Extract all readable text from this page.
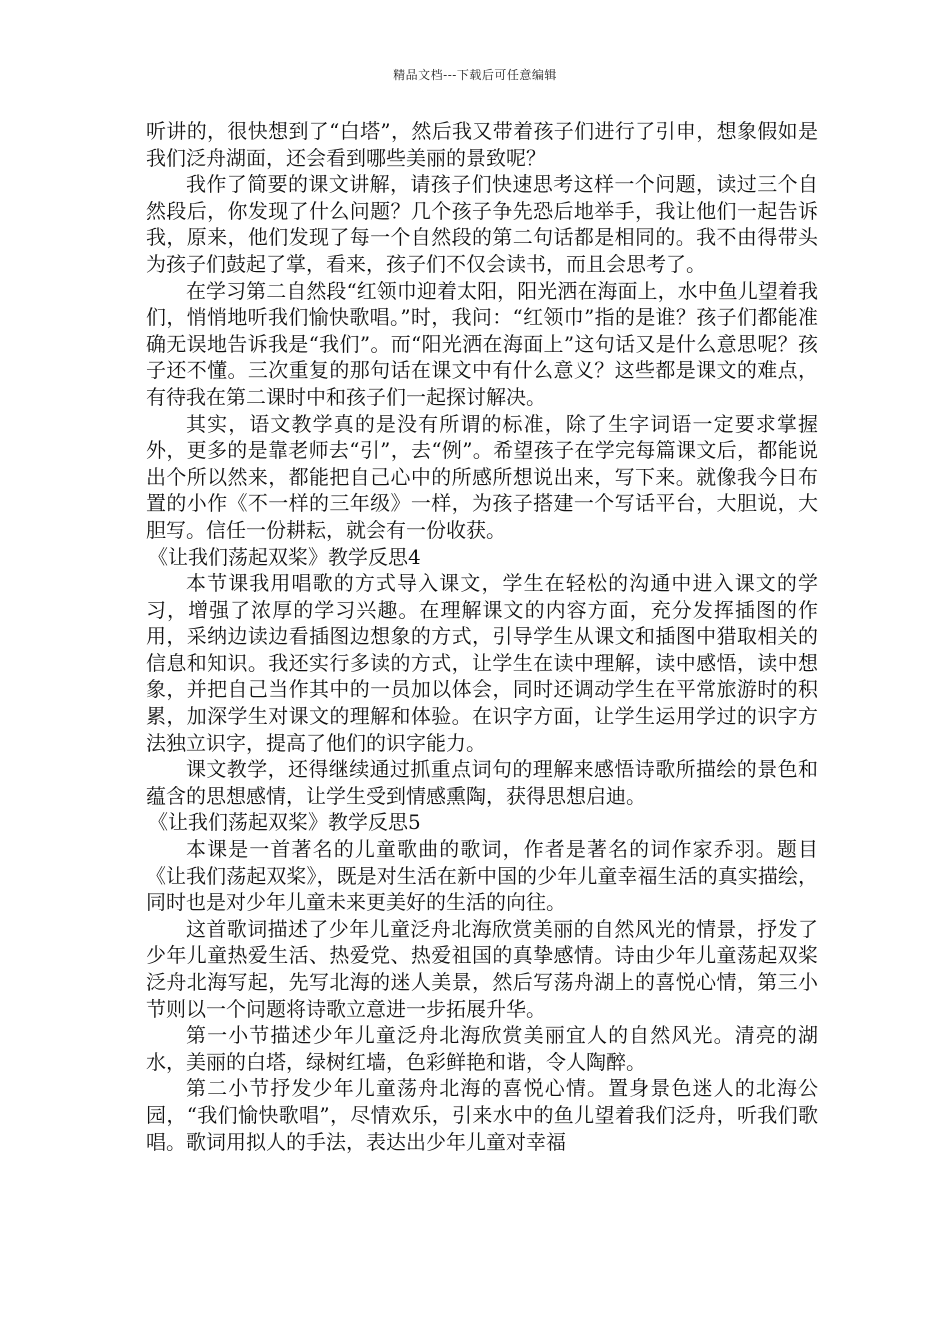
精品文档---下载后可任意编辑

听讲的，很快想到了“白塔”，然后我又带着孩子们进行了引申，想象假如是我们泛舟湖面，还会看到哪些美丽的景致呢？

我作了简要的课文讲解，请孩子们快速思考这样一个问题，读过三个自然段后，你发现了什么问题？几个孩子争先恐后地举手，我让他们一起告诉我，原来，他们发现了每一个自然段的第二句话都是相同的。我不由得带头为孩子们鼓起了掌，看来，孩子们不仅会读书，而且会思考了。

在学习第二自然段“红领巾迎着太阳，阳光洒在海面上，水中鱼儿望着我们，悄悄地听我们愉快歌唱。”时，我问：“红领巾”指的是谁？孩子们都能准确无误地告诉我是“我们”。而“阳光洒在海面上”这句话又是什么意思呢？孩子还不懂。三次重复的那句话在课文中有什么意义？这些都是课文的难点，有待我在第二课时中和孩子们一起探讨解决。

其实，语文教学真的是没有所谓的标准，除了生字词语一定要求掌握外，更多的是靠老师去“引”，去“例”。希望孩子在学完每篇课文后，都能说出个所以然来，都能把自己心中的所感所想说出来，写下来。就像我今日布置的小作《不一样的三年级》一样，为孩子搭建一个写话平台，大胆说，大胆写。信任一份耕耘，就会有一份收获。

《让我们荡起双桨》教学反思4

本节课我用唱歌的方式导入课文，学生在轻松的沟通中进入课文的学习，增强了浓厚的学习兴趣。在理解课文的内容方面，充分发挥插图的作用，采纳边读边看插图边想象的方式，引导学生从课文和插图中猎取相关的信息和知识。我还实行多读的方式，让学生在读中理解，读中感悟，读中想象，并把自己当作其中的一员加以体会，同时还调动学生在平常旅游时的积累，加深学生对课文的理解和体验。在识字方面，让学生运用学过的识字方法独立识字，提高了他们的识字能力。

课文教学，还得继续通过抓重点词句的理解来感悟诗歌所描绘的景色和蕴含的思想感情，让学生受到情感熏陶，获得思想启迪。

《让我们荡起双桨》教学反思5

本课是一首著名的儿童歌曲的歌词，作者是著名的词作家乔羽。题目《让我们荡起双桨》，既是对生活在新中国的少年儿童幸福生活的真实描绘，同时也是对少年儿童未来更美好的生活的向往。

这首歌词描述了少年儿童泛舟北海欣赏美丽的自然风光的情景，抒发了少年儿童热爱生活、热爱党、热爱祖国的真挚感情。诗由少年儿童荡起双桨泛舟北海写起，先写北海的迷人美景，然后写荡舟湖上的喜悦心情，第三小节则以一个问题将诗歌立意进一步拓展升华。

第一小节描述少年儿童泛舟北海欣赏美丽宜人的自然风光。清亮的湖水，美丽的白塔，绿树红墙，色彩鲜艳和谐，令人陶醉。

第二小节抒发少年儿童荡舟北海的喜悦心情。置身景色迷人的北海公园，“我们愉快歌唱”，尽情欢乐，引来水中的鱼儿望着我们泛舟，听我们歌唱。歌词用拟人的手法，表达出少年儿童对幸福
